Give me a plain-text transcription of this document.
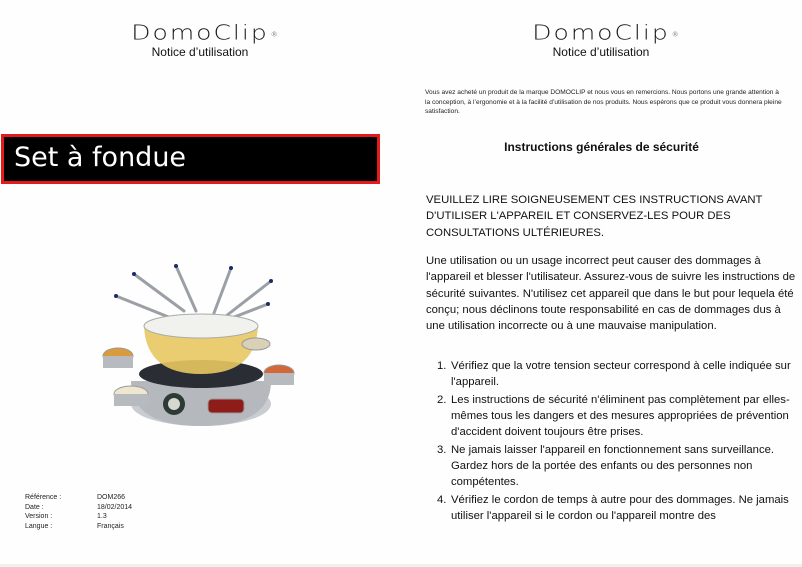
DomoClip ®
Notice d’utilisation
Set à fondue
Référence :	DOM266
Date :	18/02/2014
Version :	1.3
Langue :	Français
DomoClip ®
Notice d’utilisation
Vous avez acheté un produit de la marque DOMOCLIP et nous vous en remercions. Nous portons une grande attention à la conception, à l’ergonomie et à la facilité d’utilisation de nos produits. Nous espérons que ce produit vous donnera pleine satisfaction.
Instructions générales de sécurité
VEUILLEZ LIRE SOIGNEUSEMENT CES INSTRUCTIONS AVANT D'UTILISER L'APPAREIL ET CONSERVEZ-LES POUR DES CONSULTATIONS ULTÉRIEURES.
Une utilisation ou un usage incorrect peut causer des dommages à l'appareil et blesser l'utilisateur. Assurez-vous de suivre les instructions de sécurité suivantes. N'utilisez cet appareil que dans le but pour lequela été conçu; nous déclinons toute responsabilité en cas de dommages dus à une utilisation incorrecte ou à une mauvaise manipulation.
1. Vérifiez que la votre tension secteur correspond à celle indiquée sur l'appareil.
2. Les instructions de sécurité n'éliminent pas complètement par elles-mêmes tous les dangers et des mesures appropriées de prévention d'accident doivent toujours être prises.
3. Ne jamais laisser l'appareil en fonctionnement sans surveillance. Gardez hors de la portée des enfants ou des personnes non compétentes.
4. Vérifiez le cordon de temps à autre pour des dommages. Ne jamais utiliser l'appareil si le cordon ou l'appareil montre des
